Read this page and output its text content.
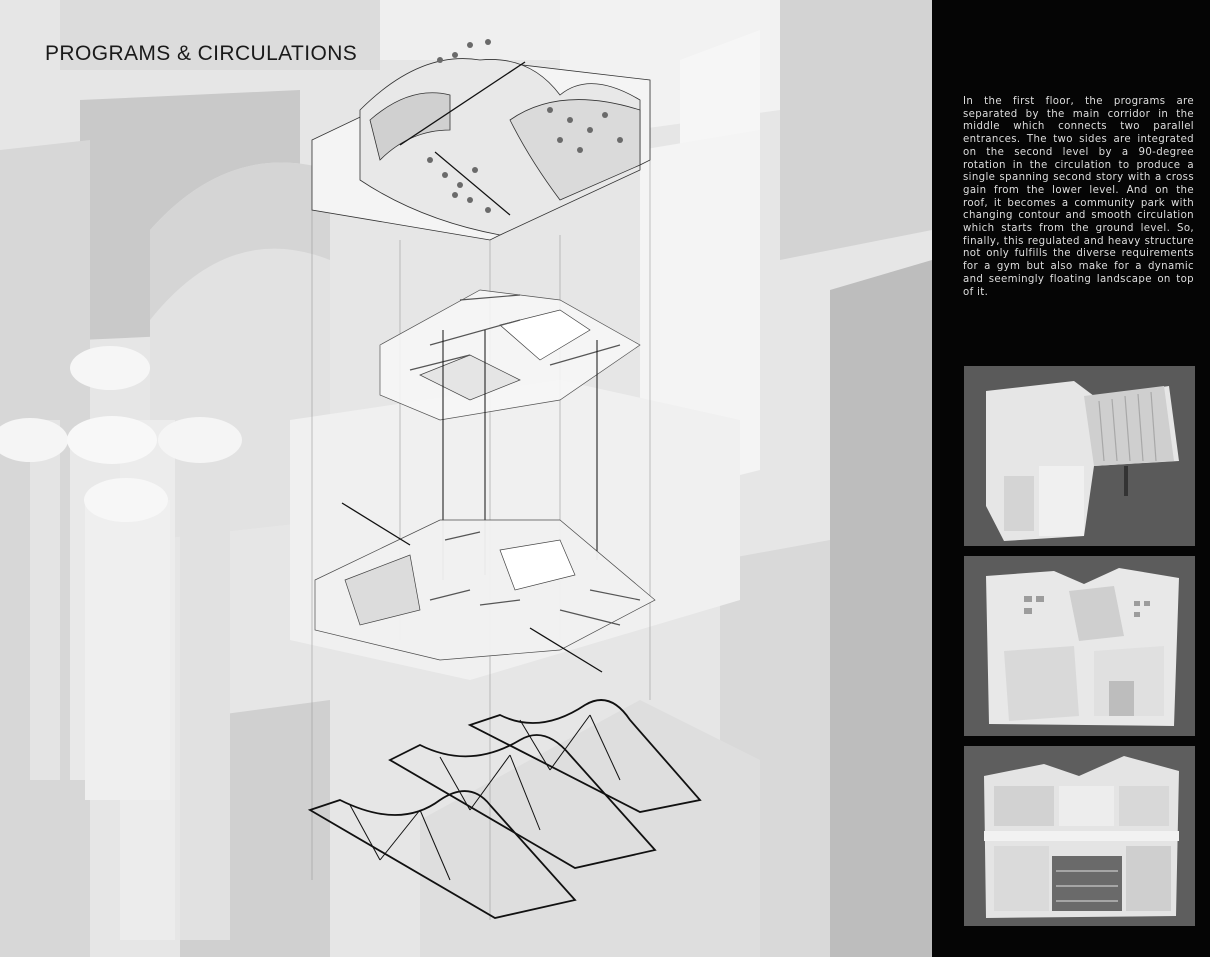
PROGRAMS & CIRCULATIONS

In the first floor, the programs are separated by the main corridor in the middle which connects two parallel entrances. The two sides are integrated on the second level by a 90-degree rotation in the circulation to produce a single spanning second story with a cross gain from the lower level. And on the roof, it becomes a community park with changing contour and smooth circulation which starts from the ground level. So, finally, this regulated and heavy structure not only fulfills the diverse requirements for a gym but also make for a dynamic and seemingly floating landscape on top of it.
